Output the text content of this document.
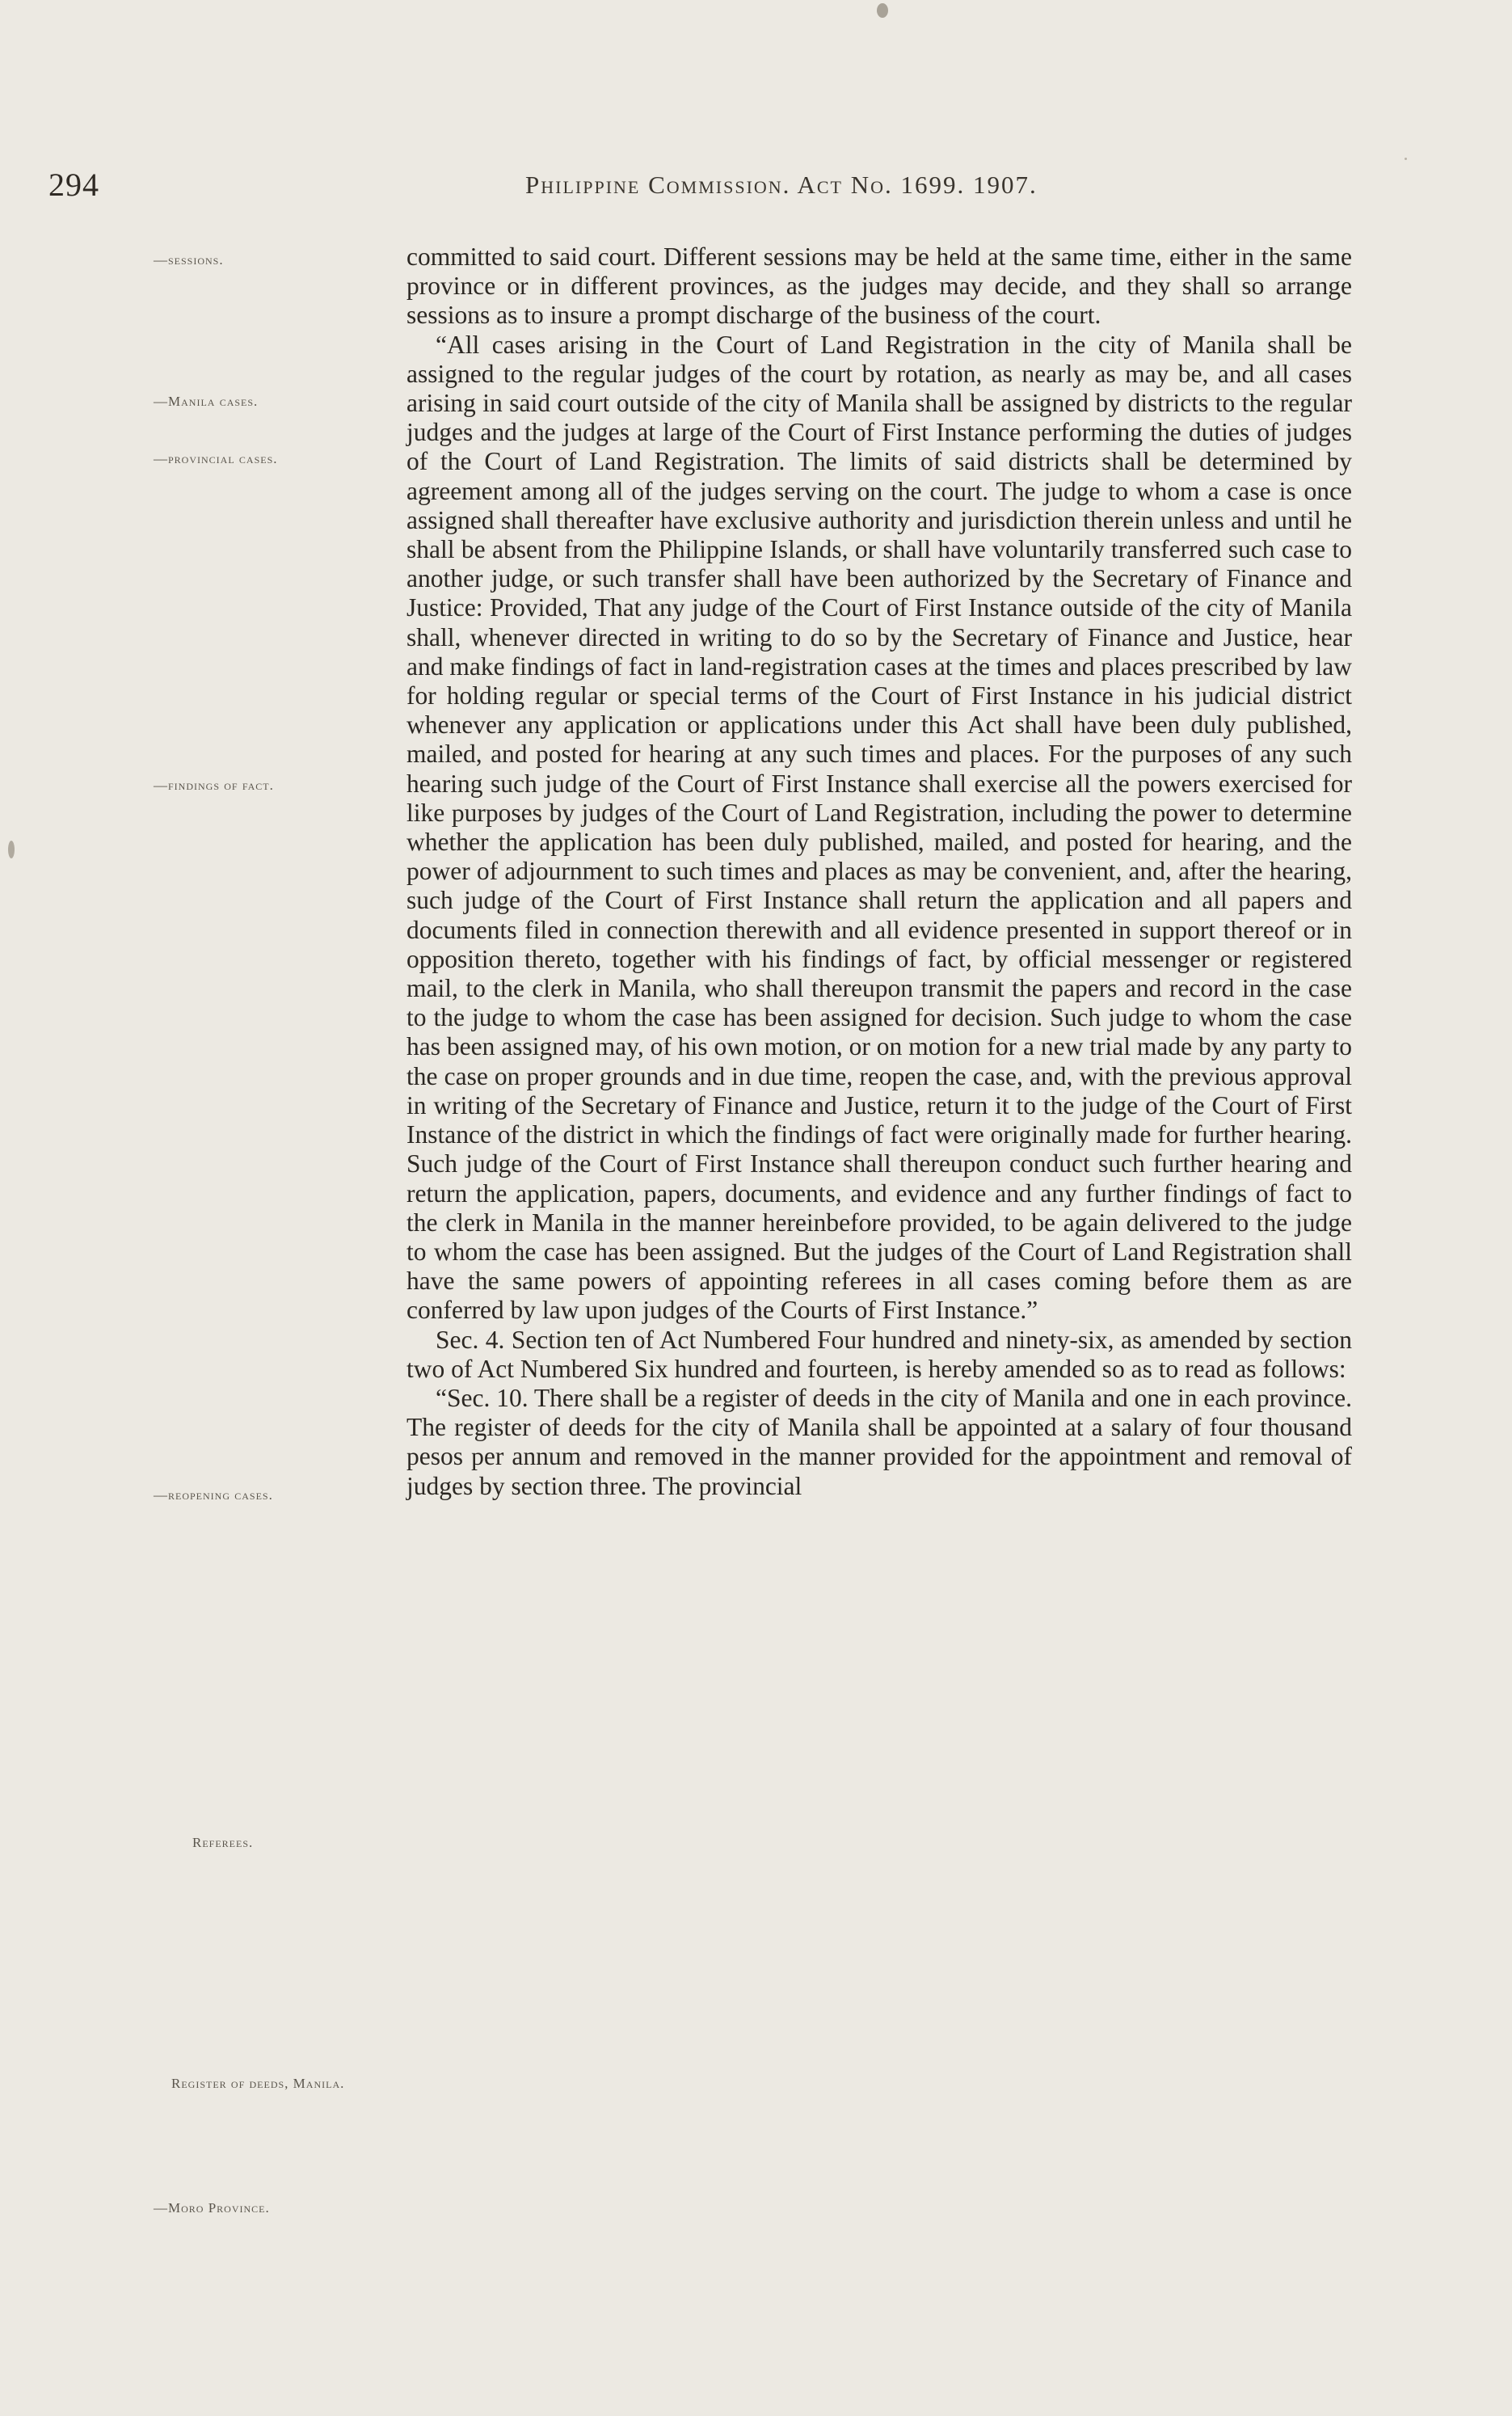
294	Philippine Commission. Act No. 1699. 1907.
—sessions.
—Manila cases.
—provincial cases.
—findings of fact.
—reopening cases.
Referees.
Register of deeds, Manila.
—Moro Province.

committed to said court. Different sessions may be held at the same time, either in the same province or in different provinces, as the judges may decide, and they shall so arrange sessions as to insure a prompt discharge of the business of the court.

“All cases arising in the Court of Land Registration in the city of Manila shall be assigned to the regular judges of the court by rotation, as nearly as may be, and all cases arising in said court outside of the city of Manila shall be assigned by districts to the regular judges and the judges at large of the Court of First Instance performing the duties of judges of the Court of Land Registration. The limits of said districts shall be determined by agreement among all of the judges serving on the court. The judge to whom a case is once assigned shall thereafter have exclusive authority and jurisdiction therein unless and until he shall be absent from the Philippine Islands, or shall have voluntarily transferred such case to another judge, or such transfer shall have been authorized by the Secretary of Finance and Justice: Provided, That any judge of the Court of First Instance outside of the city of Manila shall, whenever directed in writing to do so by the Secretary of Finance and Justice, hear and make findings of fact in land-registration cases at the times and places prescribed by law for holding regular or special terms of the Court of First Instance in his judicial district whenever any application or applications under this Act shall have been duly published, mailed, and posted for hearing at any such times and places. For the purposes of any such hearing such judge of the Court of First Instance shall exercise all the powers exercised for like purposes by judges of the Court of Land Registration, including the power to determine whether the application has been duly published, mailed, and posted for hearing, and the power of adjournment to such times and places as may be convenient, and, after the hearing, such judge of the Court of First Instance shall return the application and all papers and documents filed in connection therewith and all evidence presented in support thereof or in opposition thereto, together with his findings of fact, by official messenger or registered mail, to the clerk in Manila, who shall thereupon transmit the papers and record in the case to the judge to whom the case has been assigned for decision. Such judge to whom the case has been assigned may, of his own motion, or on motion for a new trial made by any party to the case on proper grounds and in due time, reopen the case, and, with the previous approval in writing of the Secretary of Finance and Justice, return it to the judge of the Court of First Instance of the district in which the findings of fact were originally made for further hearing. Such judge of the Court of First Instance shall thereupon conduct such further hearing and return the application, papers, documents, and evidence and any further findings of fact to the clerk in Manila in the manner hereinbefore provided, to be again delivered to the judge to whom the case has been assigned. But the judges of the Court of Land Registration shall have the same powers of appointing referees in all cases coming before them as are conferred by law upon judges of the Courts of First Instance.”

Sec. 4. Section ten of Act Numbered Four hundred and ninety-six, as amended by section two of Act Numbered Six hundred and fourteen, is hereby amended so as to read as follows:

“Sec. 10. There shall be a register of deeds in the city of Manila and one in each province. The register of deeds for the city of Manila shall be appointed at a salary of four thousand pesos per annum and removed in the manner provided for the appointment and removal of judges by section three. The provincial
